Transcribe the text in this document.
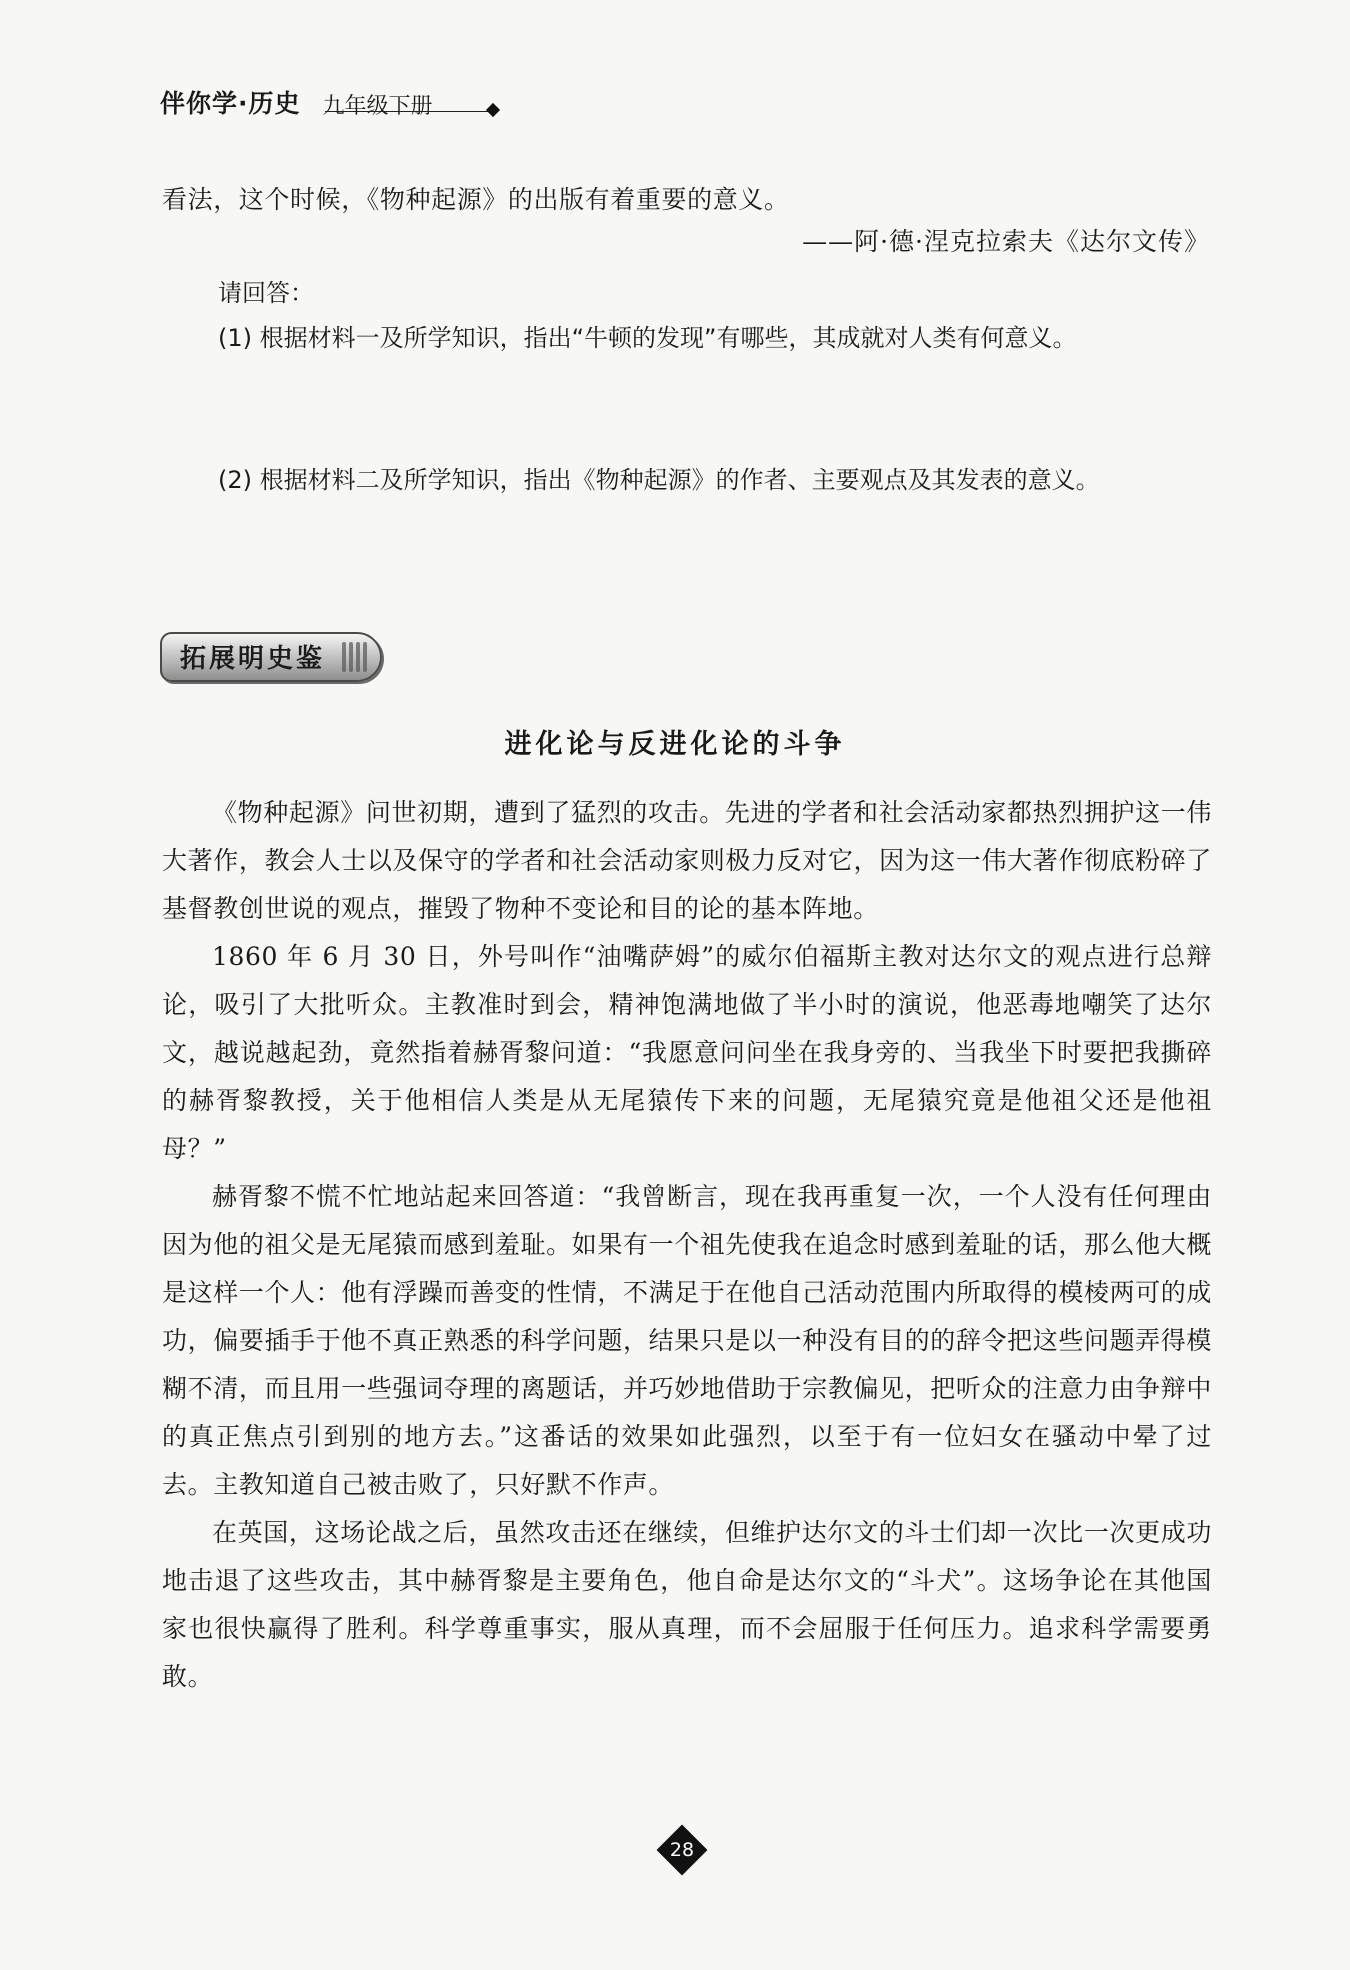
伴你学·历史 九年级下册
看法，这个时候，《物种起源》的出版有着重要的意义。
——阿·德·涅克拉索夫《达尔文传》
请回答：
(1) 根据材料一及所学知识，指出“牛顿的发现”有哪些，其成就对人类有何意义。
(2) 根据材料二及所学知识，指出《物种起源》的作者、主要观点及其发表的意义。
拓展明史鉴
进化论与反进化论的斗争

《物种起源》问世初期，遭到了猛烈的攻击。先进的学者和社会活动家都热烈拥护这一伟大著作，教会人士以及保守的学者和社会活动家则极力反对它，因为这一伟大著作彻底粉碎了基督教创世说的观点，摧毁了物种不变论和目的论的基本阵地。

1860 年 6 月 30 日，外号叫作“油嘴萨姆”的威尔伯福斯主教对达尔文的观点进行总辩论，吸引了大批听众。主教准时到会，精神饱满地做了半小时的演说，他恶毒地嘲笑了达尔文，越说越起劲，竟然指着赫胥黎问道：“我愿意问问坐在我身旁的、当我坐下时要把我撕碎的赫胥黎教授，关于他相信人类是从无尾猿传下来的问题，无尾猿究竟是他祖父还是他祖母？”

赫胥黎不慌不忙地站起来回答道：“我曾断言，现在我再重复一次，一个人没有任何理由因为他的祖父是无尾猿而感到羞耻。如果有一个祖先使我在追念时感到羞耻的话，那么他大概是这样一个人：他有浮躁而善变的性情，不满足于在他自己活动范围内所取得的模棱两可的成功，偏要插手于他不真正熟悉的科学问题，结果只是以一种没有目的的辞令把这些问题弄得模糊不清，而且用一些强词夺理的离题话，并巧妙地借助于宗教偏见，把听众的注意力由争辩中的真正焦点引到别的地方去。”这番话的效果如此强烈，以至于有一位妇女在骚动中晕了过去。主教知道自己被击败了，只好默不作声。

在英国，这场论战之后，虽然攻击还在继续，但维护达尔文的斗士们却一次比一次更成功地击退了这些攻击，其中赫胥黎是主要角色，他自命是达尔文的“斗犬”。这场争论在其他国家也很快赢得了胜利。科学尊重事实，服从真理，而不会屈服于任何压力。追求科学需要勇敢。

28
